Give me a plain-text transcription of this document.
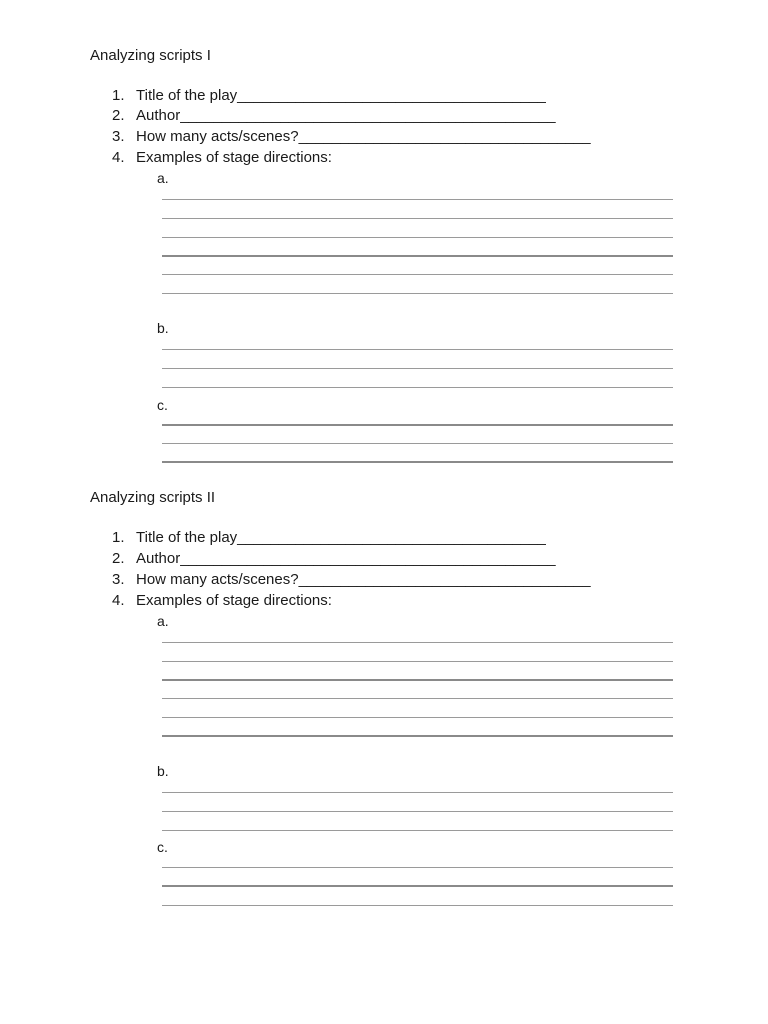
Analyzing scripts I
1. Title of the play_____________________________________
2. Author_____________________________________________
3. How many acts/scenes?___________________________________
4. Examples of stage directions:
a.
b.
c.
Analyzing scripts II
1. Title of the play_____________________________________
2. Author_____________________________________________
3. How many acts/scenes?___________________________________
4. Examples of stage directions:
a.
b.
c.
